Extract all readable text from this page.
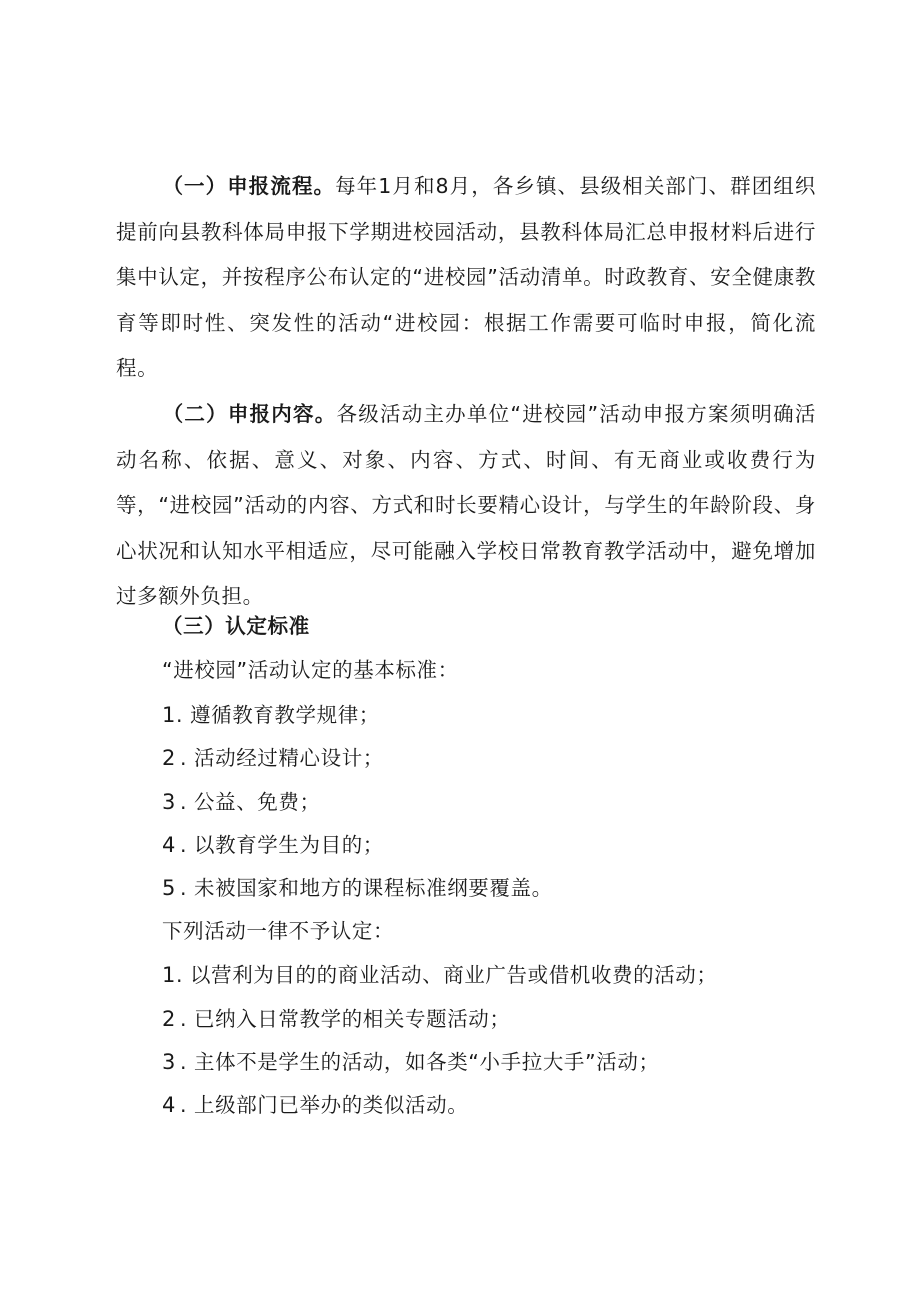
（一）申报流程。每年1月和8月，各乡镇、县级相关部门、群团组织提前向县教科体局申报下学期进校园活动，县教科体局汇总申报材料后进行集中认定，并按程序公布认定的“进校园”活动清单。时政教育、安全健康教育等即时性、突发性的活动“进校园：根据工作需要可临时申报，简化流程。

（二）申报内容。各级活动主办单位“进校园”活动申报方案须明确活动名称、依据、意义、对象、内容、方式、时间、有无商业或收费行为等，“进校园”活动的内容、方式和时长要精心设计，与学生的年龄阶段、身心状况和认知水平相适应，尽可能融入学校日常教育教学活动中，避免增加过多额外负担。

（三）认定标准
“进校园”活动认定的基本标准：
1. 遵循教育教学规律；
2 . 活动经过精心设计；
3 . 公益、免费；
4 . 以教育学生为目的；
5 . 未被国家和地方的课程标准纲要覆盖。
下列活动一律不予认定：
1. 以营利为目的的商业活动、商业广告或借机收费的活动；
2 . 已纳入日常教学的相关专题活动；
3 . 主体不是学生的活动，如各类“小手拉大手”活动；
4 . 上级部门已举办的类似活动。
